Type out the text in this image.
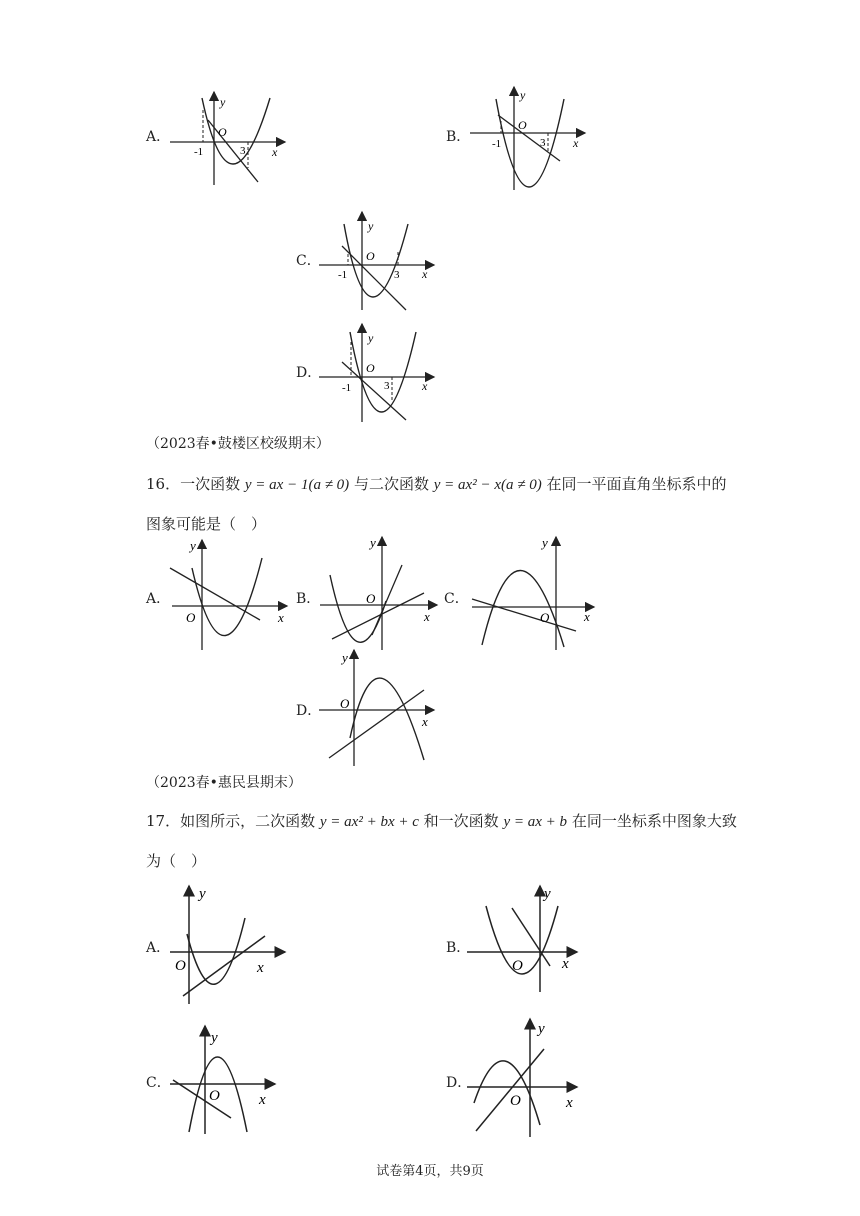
A．
y
O
-1	3 x
B．
y
O
-1	3 x
C．
y
O
-1	3 x
D．
y
O
-1	3	x
（2023春•鼓楼区校级期末）
16．一次函数 y = ax − 1(a ≠ 0) 与二次函数 y = ax² − x(a ≠ 0) 在同一平面直角坐标系中的
图象可能是（　）
A．
y
O	x
B．
y
O
x
C．
y
O	x
D．
y
O
x
（2023春•惠民县期末）
17．如图所示，二次函数 y = ax² + bx + c 和一次函数 y = ax + b 在同一坐标系中图象大致
为（　）
A．
y
O	x
B．
y
O	x
C．
y
O	x
D．
y
O	x
试卷第4页，共9页
